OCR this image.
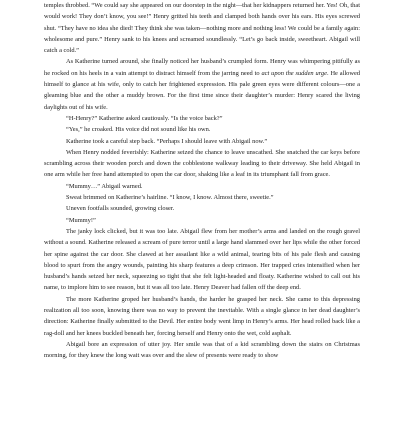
temples throbbed. “We could say she appeared on our doorstep in the night—that her kidnappers returned her. Yes! Oh, that would work! They don’t know, you see!” Henry gritted his teeth and clamped both hands over his ears. His eyes screwed shut. “They have no idea she died! They think she was taken—nothing more and nothing less! We could be a family again: wholesome and pure.” Henry sank to his knees and screamed soundlessly. “Let’s go back inside, sweetheart. Abigail will catch a cold.”

As Katherine turned around, she finally noticed her husband’s crumpled form. Henry was whimpering pitifully as he rocked on his heels in a vain attempt to distract himself from the jarring need to act upon the sudden urge. He allowed himself to glance at his wife, only to catch her frightened expression. His pale green eyes were different colours—one a gleaming blue and the other a muddy brown. For the first time since their daughter’s murder: Henry scared the living daylights out of his wife.

“H-Henry?” Katherine asked cautiously. “Is the voice back?”

“Yes,” he croaked. His voice did not sound like his own.

Katherine took a careful step back. “Perhaps I should leave with Abigail now.”

When Henry nodded feverishly: Katherine seized the chance to leave unscathed. She snatched the car keys before scrambling across their wooden porch and down the cobblestone walkway leading to their driveway. She held Abigail in one arm while her free hand attempted to open the car door, shaking like a leaf in its triumphant fall from grace.

“Mummy…” Abigail warned.

Sweat brimmed on Katherine’s hairline. “I know, I know. Almost there, sweetie.”

Uneven footfalls sounded, growing closer.

“Mummy!”

The janky lock clicked, but it was too late. Abigail flew from her mother’s arms and landed on the rough gravel without a sound. Katherine released a scream of pure terror until a large hand slammed over her lips while the other forced her spine against the car door. She clawed at her assailant like a wild animal, tearing bits of his pale flesh and causing blood to spurt from the angry wounds, painting his sharp features a deep crimson. Her trapped cries intensified when her husband’s hands seized her neck, squeezing so tight that she felt light-headed and floaty. Katherine wished to call out his name, to implore him to see reason, but it was all too late. Henry Deaver had fallen off the deep end.

The more Katherine groped her husband’s hands, the harder he grasped her neck. She came to this depressing realization all too soon, knowing there was no way to prevent the inevitable. With a single glance in her dead daughter’s direction: Katherine finally submitted to the Devil. Her entire body went limp in Henry’s arms. Her head rolled back like a rag-doll and her knees buckled beneath her, forcing herself and Henry onto the wet, cold asphalt.

Abigail bore an expression of utter joy. Her smile was that of a kid scrambling down the stairs on Christmas morning, for they knew the long wait was over and the slew of presents were ready to show
